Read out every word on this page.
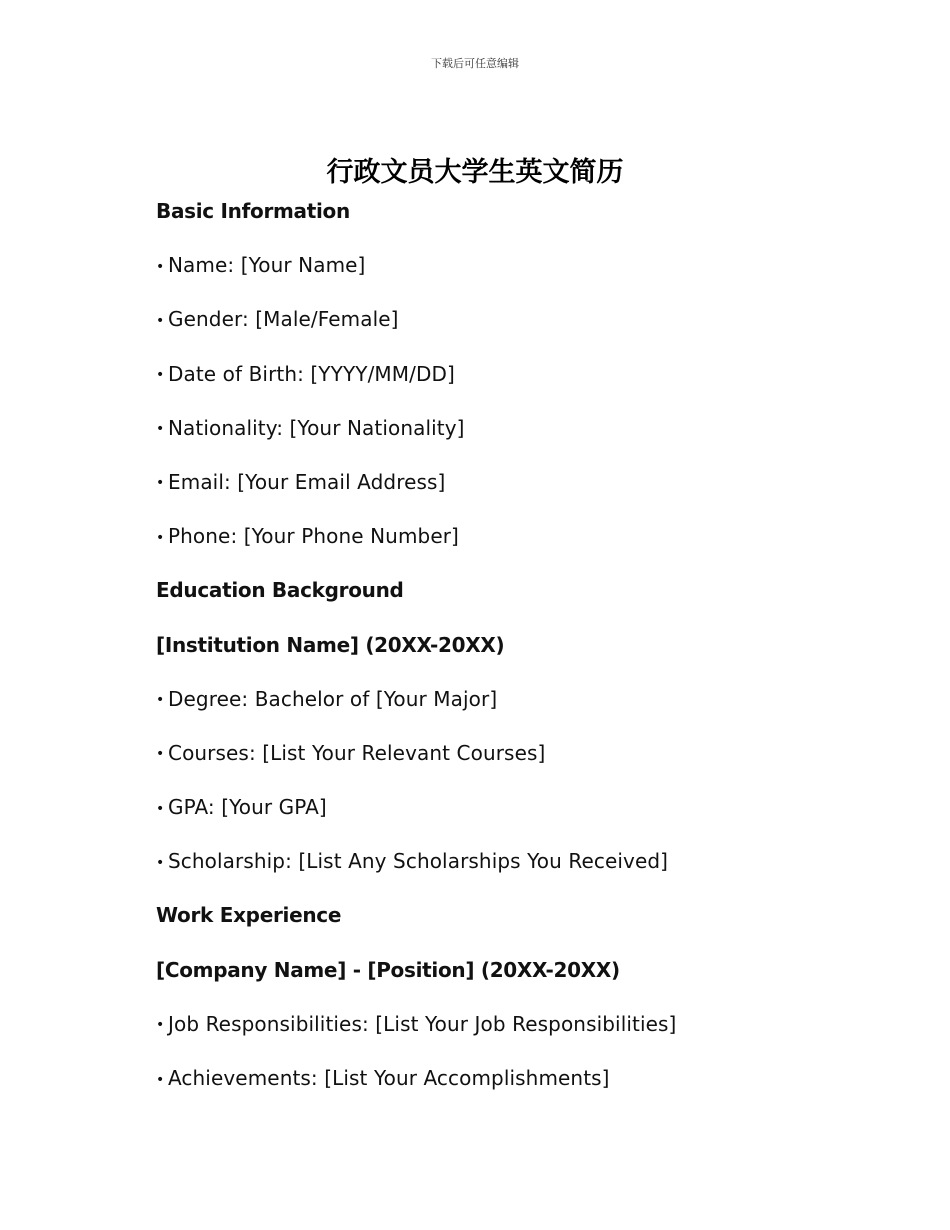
下载后可任意编辑
行政文员大学生英文简历
Basic Information
• Name: [Your Name]
• Gender: [Male/Female]
• Date of Birth: [YYYY/MM/DD]
• Nationality: [Your Nationality]
• Email: [Your Email Address]
• Phone: [Your Phone Number]
Education Background
[Institution Name] (20XX-20XX)
• Degree: Bachelor of [Your Major]
• Courses: [List Your Relevant Courses]
• GPA: [Your GPA]
• Scholarship: [List Any Scholarships You Received]
Work Experience
[Company Name] - [Position] (20XX-20XX)
• Job Responsibilities: [List Your Job Responsibilities]
• Achievements: [List Your Accomplishments]
